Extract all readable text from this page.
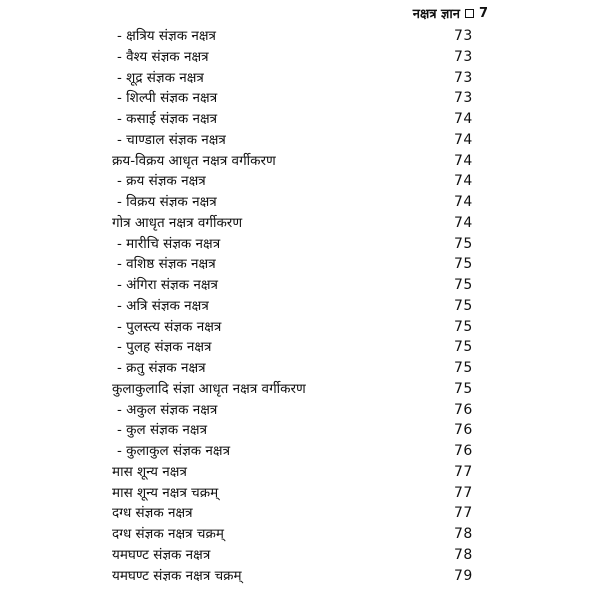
नक्षत्र ज्ञान 7
- क्षत्रिय संज्ञक नक्षत्र	73
- वैश्य संज्ञक नक्षत्र	73
- शूद्र संज्ञक नक्षत्र	73
- शिल्पी संज्ञक नक्षत्र	73
- कसाई संज्ञक नक्षत्र	74
- चाण्डाल संज्ञक नक्षत्र	74
क्रय-विक्रय आधृत नक्षत्र वर्गीकरण	74
- क्रय संज्ञक नक्षत्र	74
- विक्रय संज्ञक नक्षत्र	74
गोत्र आधृत नक्षत्र वर्गीकरण	74
- मारीचि संज्ञक नक्षत्र	75
- वशिष्ठ संज्ञक नक्षत्र	75
- अंगिरा संज्ञक नक्षत्र	75
- अत्रि संज्ञक नक्षत्र	75
- पुलस्त्य संज्ञक नक्षत्र	75
- पुलह संज्ञक नक्षत्र	75
- क्रतु संज्ञक नक्षत्र	75
कुलाकुलादि संज्ञा आधृत नक्षत्र वर्गीकरण	75
- अकुल संज्ञक नक्षत्र	76
- कुल संज्ञक नक्षत्र	76
- कुलाकुल संज्ञक नक्षत्र	76
मास शून्य नक्षत्र	77
मास शून्य नक्षत्र चक्रम्	77
दग्ध संज्ञक नक्षत्र	77
दग्ध संज्ञक नक्षत्र चक्रम्	78
यमघण्ट संज्ञक नक्षत्र	78
यमघण्ट संज्ञक नक्षत्र चक्रम्	79
